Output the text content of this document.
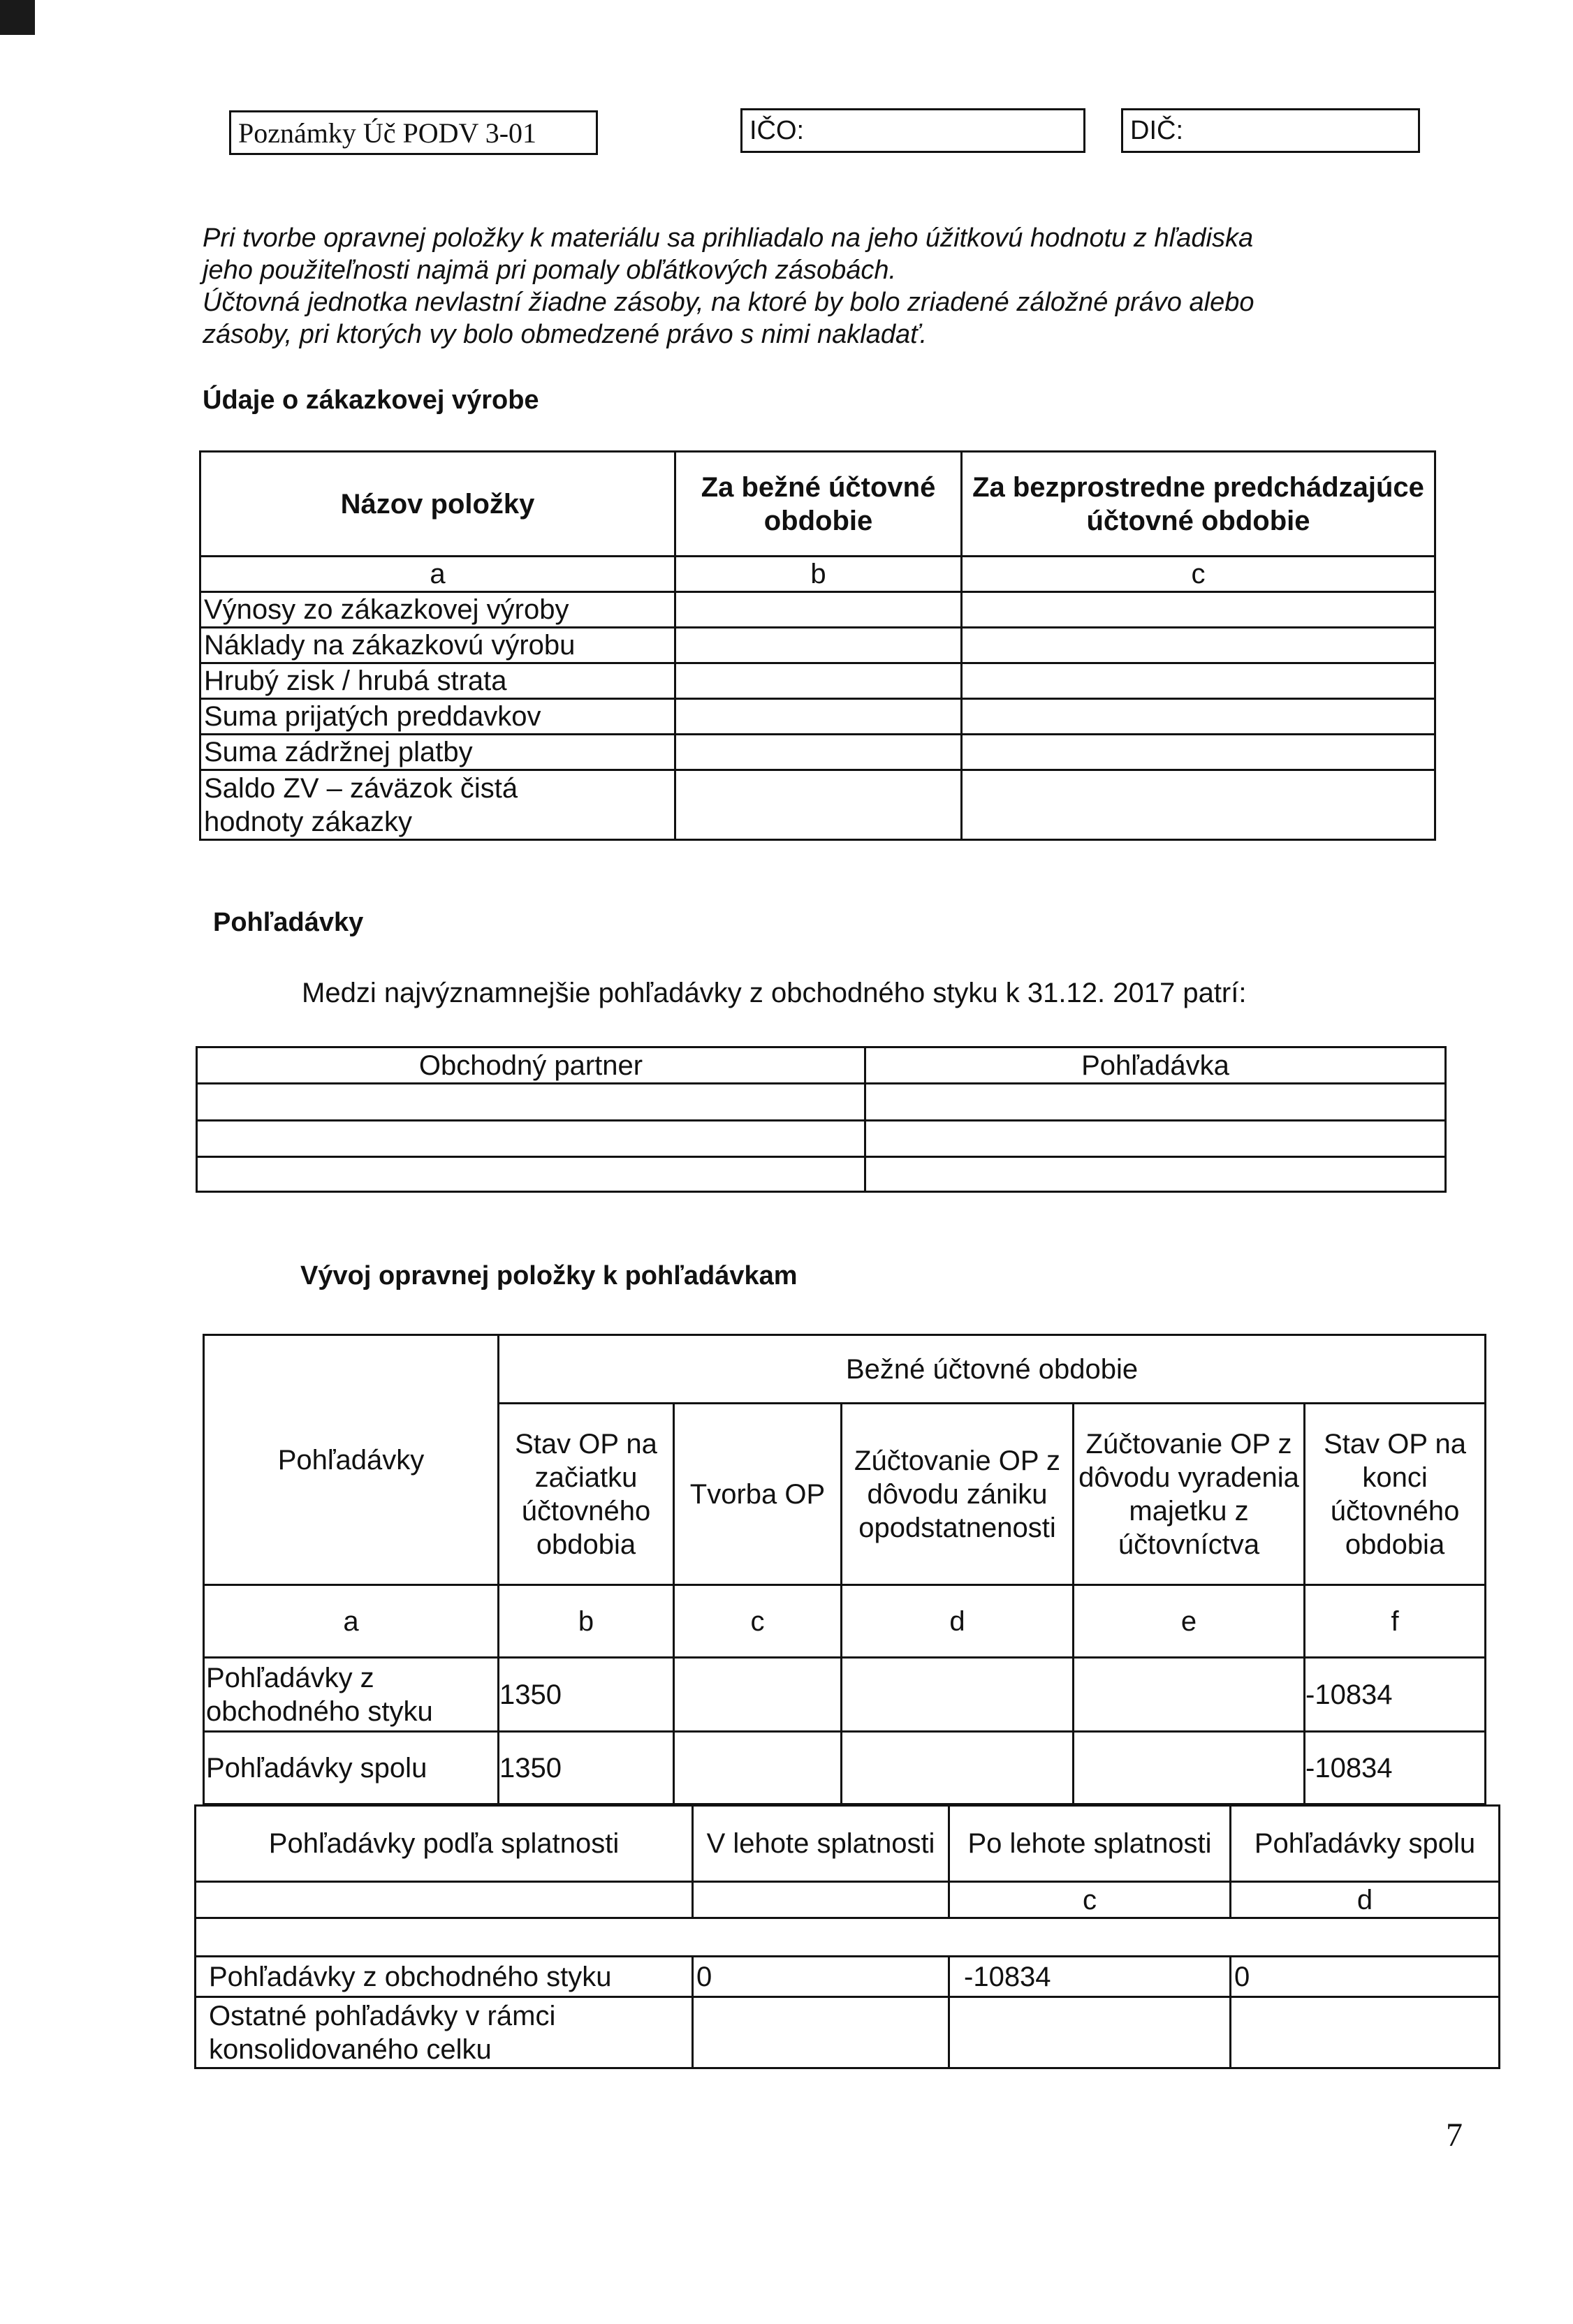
Poznámky Úč PODV 3-01	IČO:	DIČ:
Pri tvorbe opravnej položky k materiálu sa prihliadalo na jeho úžitkovú hodnotu z hľadiska
jeho použiteľnosti najmä pri pomaly obľátkových zásobách.
Účtovná jednotka nevlastní žiadne zásoby, na ktoré by bolo zriadené záložné právo alebo
zásoby, pri ktorých vy bolo obmedzené právo s nimi nakladať.
Údaje o zákazkovej výrobe
Názov položky	Za bežné účtovné obdobie	Za bezprostredne predchádzajúce účtovné obdobie
a	b	c
Výnosy zo zákazkovej výroby		
Náklady na zákazkovú výrobu		
Hrubý zisk / hrubá strata		
Suma prijatých preddavkov		
Suma zádržnej platby		
Saldo ZV – záväzok čistá hodnoty zákazky		
Pohľadávky
Medzi najvýznamnejšie pohľadávky z obchodného styku k 31.12. 2017 patrí:
Obchodný partner	Pohľadávka

Vývoj opravnej položky k pohľadávkam
Pohľadávky	Bežné účtovné obdobie				
	Stav OP na začiatku účtovného obdobia	Tvorba OP	Zúčtovanie OP z dôvodu zániku opodstatnenosti	Zúčtovanie OP z dôvodu vyradenia majetku z účtovníctva	Stav OP na konci účtovného obdobia
a	b	c	d	e	f
Pohľadávky z obchodného styku	1350				-10834
Pohľadávky spolu	1350				-10834
Pohľadávky podľa splatnosti	V lehote splatnosti	Po lehote splatnosti	Pohľadávky spolu
		c	d

Pohľadávky z obchodného styku	0	-10834	0
Ostatné pohľadávky v rámci konsolidovaného celku			
7
